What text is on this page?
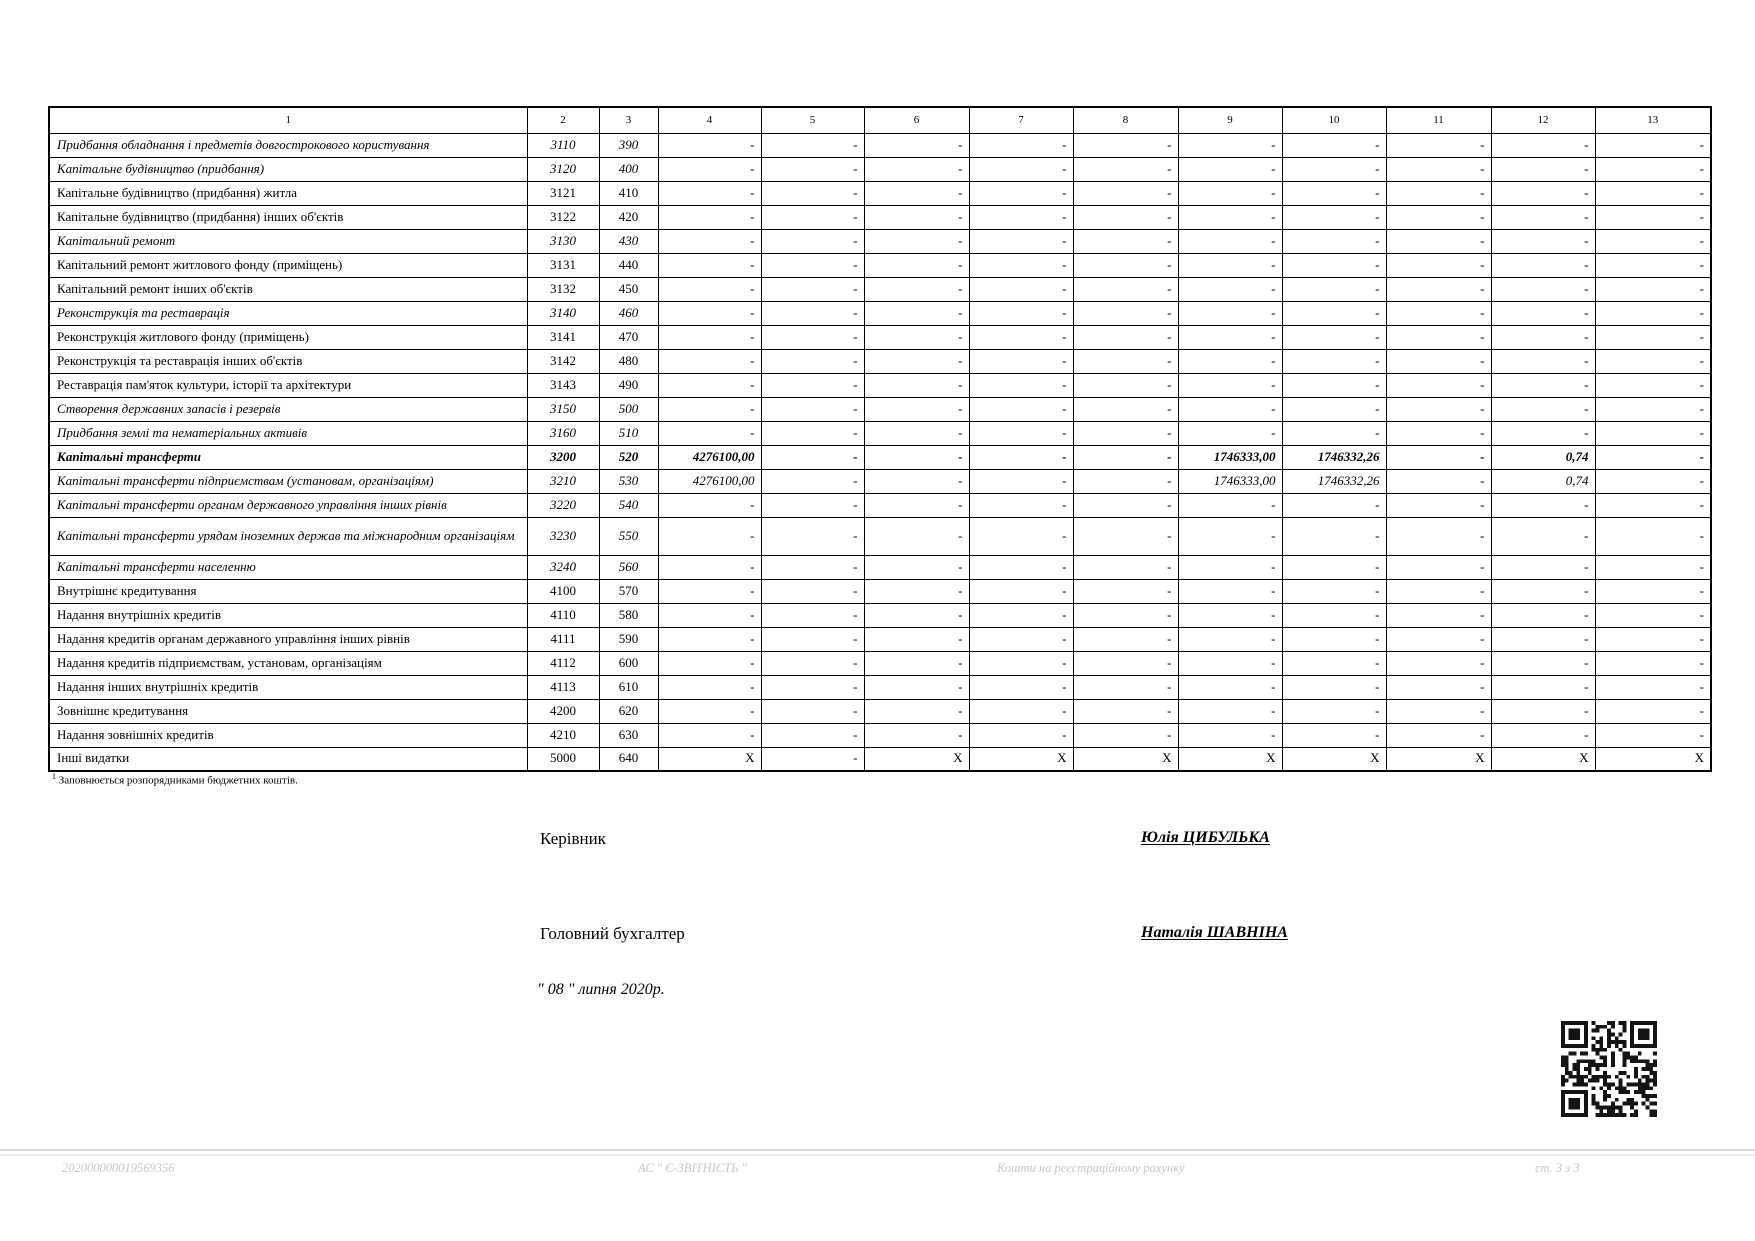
1	2	3	4	5	6	7	8	9	10	11	12	13
Придбання обладнання і предметів довгострокового користування	3110	390	-	-	-	-	-	-	-	-	-	-
Капітальне будівництво (придбання)	3120	400	-	-	-	-	-	-	-	-	-	-
Капітальне будівництво (придбання) житла	3121	410	-	-	-	-	-	-	-	-	-	-
Капітальне будівництво (придбання) інших об'єктів	3122	420	-	-	-	-	-	-	-	-	-	-
Капітальний ремонт	3130	430	-	-	-	-	-	-	-	-	-	-
Капітальний ремонт житлового фонду (приміщень)	3131	440	-	-	-	-	-	-	-	-	-	-
Капітальний ремонт інших об'єктів	3132	450	-	-	-	-	-	-	-	-	-	-
Реконструкція та реставрація	3140	460	-	-	-	-	-	-	-	-	-	-
Реконструкція житлового фонду (приміщень)	3141	470	-	-	-	-	-	-	-	-	-	-
Реконструкція та реставрація інших об'єктів	3142	480	-	-	-	-	-	-	-	-	-	-
Реставрація пам'яток культури, історії та архітектури	3143	490	-	-	-	-	-	-	-	-	-	-
Створення державних запасів і резервів	3150	500	-	-	-	-	-	-	-	-	-	-
Придбання землі та нематеріальних активів	3160	510	-	-	-	-	-	-	-	-	-	-
Капітальні трансферти	3200	520	4276100,00	-	-	-	-	1746333,00	1746332,26	-	0,74	-
Капітальні трансферти підприємствам (установам, організаціям)	3210	530	4276100,00	-	-	-	-	1746333,00	1746332,26	-	0,74	-
Капітальні трансферти органам державного управління інших рівнів	3220	540	-	-	-	-	-	-	-	-	-	-
Капітальні трансферти урядам іноземних держав та міжнародним організаціям	3230	550	-	-	-	-	-	-	-	-	-	-
Капітальні трансферти населенню	3240	560	-	-	-	-	-	-	-	-	-	-
Внутрішнє кредитування	4100	570	-	-	-	-	-	-	-	-	-	-
Надання внутрішніх кредитів	4110	580	-	-	-	-	-	-	-	-	-	-
Надання кредитів органам державного управління інших рівнів	4111	590	-	-	-	-	-	-	-	-	-	-
Надання кредитів підприємствам, установам, організаціям	4112	600	-	-	-	-	-	-	-	-	-	-
Надання інших внутрішніх кредитів	4113	610	-	-	-	-	-	-	-	-	-	-
Зовнішнє кредитування	4200	620	-	-	-	-	-	-	-	-	-	-
Надання зовнішніх кредитів	4210	630	-	-	-	-	-	-	-	-	-	-
Інші видатки	5000	640	X	-	X	X	X	X	X	X	X	X
$^1$ Заповнюється розпорядниками бюджетних коштів.
Керівник	Юлія ЦИБУЛЬКА
Головний бухгалтер	Наталія ШАВНІНА
" 08 " липня 2020р.
202000000019569356	АС " Є-ЗВІТНІСТЬ "	Кошти на реєстраційному рахунку	ст. 3 з 3
